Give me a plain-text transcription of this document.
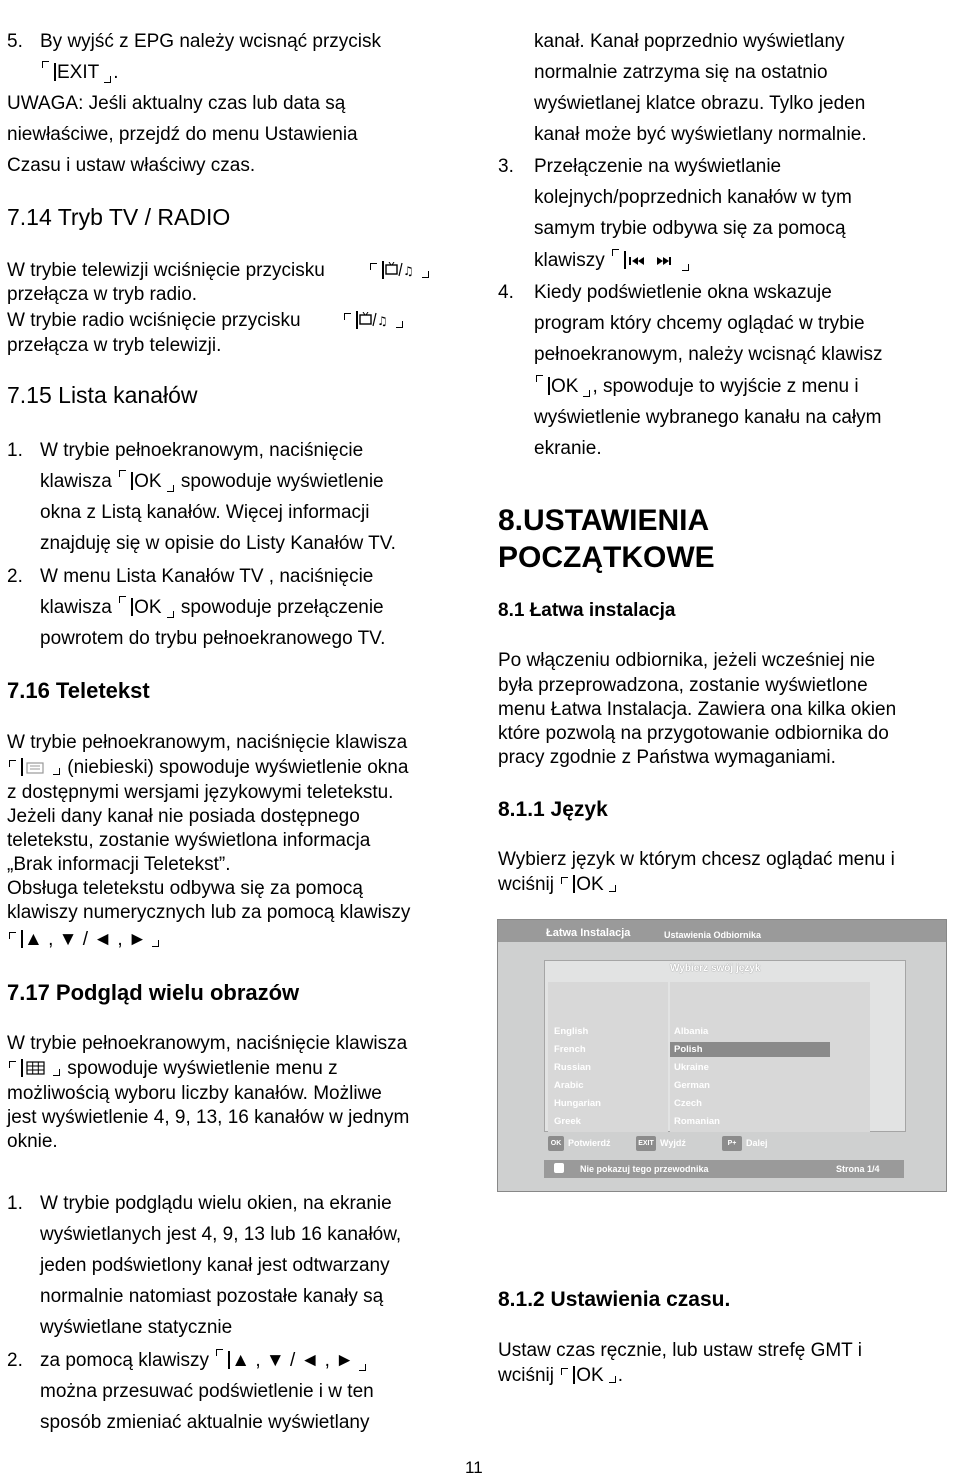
5. By wyjść z EPG należy wcisnąć przycisk
EXIT .
UWAGA: Jeśli aktualny czas lub data są
niewłaściwe, przejdź do menu Ustawienia
Czasu i ustaw właściwy czas.
7.14 Tryb TV / RADIO
W trybie telewizji wciśnięcie przycisku	♫
przełącza w tryb radio.
W trybie radio wciśnięcie przycisku	♫
przełącza w tryb telewizji.
7.15 Lista kanałów
1. W trybie pełnoekranowym, naciśnięcie
klawisza OK spowoduje wyświetlenie
okna z Listą kanałów. Więcej informacji
znajduję się w opisie do Listy Kanałów TV.
2. W menu Lista Kanałów TV , naciśnięcie
klawisza OK spowoduje przełączenie
powrotem do trybu pełnoekranowego TV.
7.16 Teletekst
W trybie pełnoekranowym, naciśnięcie klawisza
(niebieski) spowoduje wyświetlenie okna
z dostępnymi wersjami językowymi teletekstu.
Jeżeli dany kanał nie posiada dostępnego
teletekstu, zostanie wyświetlona informacja
„Brak informacji Teletekst”.
Obsługa teletekstu odbywa się za pomocą
klawiszy numerycznych lub za pomocą klawiszy
▲ , ▼ / ◄ , ►
7.17 Podgląd wielu obrazów
W trybie pełnoekranowym, naciśnięcie klawisza
spowoduje wyświetlenie menu z
możliwością wyboru liczby kanałów. Możliwe
jest wyświetlenie 4, 9, 13, 16 kanałów w jednym
oknie.
1. W trybie podglądu wielu okien, na ekranie
wyświetlanych jest 4, 9, 13 lub 16 kanałów,
jeden podświetlony kanał jest odtwarzany
normalnie natomiast pozostałe kanały są
wyświetlane statycznie
2. za pomocą klawiszy ▲ , ▼ / ◄ , ►
można przesuwać podświetlenie i w ten
sposób zmieniać aktualnie wyświetlany
kanał. Kanał poprzednio wyświetlany
normalnie zatrzyma się na ostatnio
wyświetlanej klatce obrazu. Tylko jeden
kanał może być wyświetlany normalnie.
3. Przełączenie na wyświetlanie
kolejnych/poprzednich kanałów w tym
samym trybie odbywa się za pomocą
klawiszy
4. Kiedy podświetlenie okna wskazuje
program który chcemy oglądać w trybie
pełnoekranowym, należy wcisnąć klawisz
OK , spowoduje to wyjście z menu i
wyświetlenie wybranego kanału na całym
ekranie.
8.USTAWIENIA
POCZĄTKOWE
8.1 Łatwa instalacja
Po włączeniu odbiornika, jeżeli wcześniej nie
była przeprowadzona, zostanie wyświetlone
menu Łatwa Instalacja. Zawiera ona kilka okien
które pozwolą na przygotowanie odbiornika do
pracy zgodnie z Państwa wymaganiami.
8.1.1 Język
Wybierz język w którym chcesz oglądać menu i
wciśnij OK
Łatwa Instalacja	Ustawienia Odbiornika
Wybierz swój język
English
French
Russian
Arabic
Hungarian
Greek
Albania
Polish
Ukraine
German
Czech
Romanian
OK Potwierdź	EXIT Wyjdź	P+	Dalej
Nie pokazuj tego przewodnika	Strona 1/4
8.1.2 Ustawienia czasu.
Ustaw czas ręcznie, lub ustaw strefę GMT i
wciśnij OK .
11
